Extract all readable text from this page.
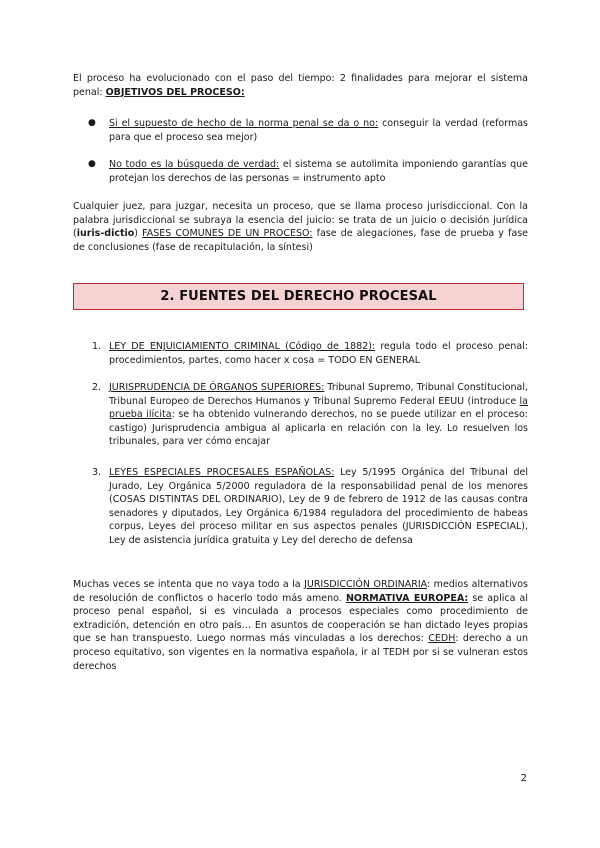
El proceso ha evolucionado con el paso del tiempo: 2 finalidades para mejorar el sistema penal: OBJETIVOS DEL PROCESO:

● Si el supuesto de hecho de la norma penal se da o no: conseguir la verdad (reformas para que el proceso sea mejor)

● No todo es la búsqueda de verdad: el sistema se autolimita imponiendo garantías que protejan los derechos de las personas = instrumento apto

Cualquier juez, para juzgar, necesita un proceso, que se llama proceso jurisdiccional. Con la palabra jurisdiccional se subraya la esencia del juicio: se trata de un juicio o decisión jurídica (iuris-dictio) FASES COMUNES DE UN PROCESO: fase de alegaciones, fase de prueba y fase de conclusiones (fase de recapitulación, la síntesi)

2. FUENTES DEL DERECHO PROCESAL
1. LEY DE ENJUICIAMIENTO CRIMINAL (Código de 1882): regula todo el proceso penal: procedimientos, partes, como hacer x cosa = TODO EN GENERAL

2. JURISPRUDENCIA DE ÓRGANOS SUPERIORES: Tribunal Supremo, Tribunal Constitucional, Tribunal Europeo de Derechos Humanos y Tribunal Supremo Federal EEUU (introduce la prueba ilícita: se ha obtenido vulnerando derechos, no se puede utilizar en el proceso: castigo) Jurisprudencia ambigua al aplicarla en relación con la ley. Lo resuelven los tribunales, para ver cómo encajar

3. LEYES ESPECIALES PROCESALES ESPAÑOLAS: Ley 5/1995 Orgánica del Tribunal del Jurado, Ley Orgánica 5/2000 reguladora de la responsabilidad penal de los menores (COSAS DISTINTAS DEL ORDINARIO), Ley de 9 de febrero de 1912 de las causas contra senadores y diputados, Ley Orgánica 6/1984 reguladora del procedimiento de habeas corpus, Leyes del proceso militar en sus aspectos penales (JURISDICCIÓN ESPECIAL), Ley de asistencia jurídica gratuita y Ley del derecho de defensa

Muchas veces se intenta que no vaya todo a la JURISDICCIÓN ORDINARIA: medios alternativos de resolución de conflictos o hacerlo todo más ameno. NORMATIVA EUROPEA: se aplica al proceso penal español, si es vinculada a procesos especiales como procedimiento de extradición, detención en otro país… En asuntos de cooperación se han dictado leyes propias que se han transpuesto. Luego normas más vinculadas a los derechos: CEDH: derecho a un proceso equitativo, son vigentes en la normativa española, ir al TEDH por si se vulneran estos derechos

2
